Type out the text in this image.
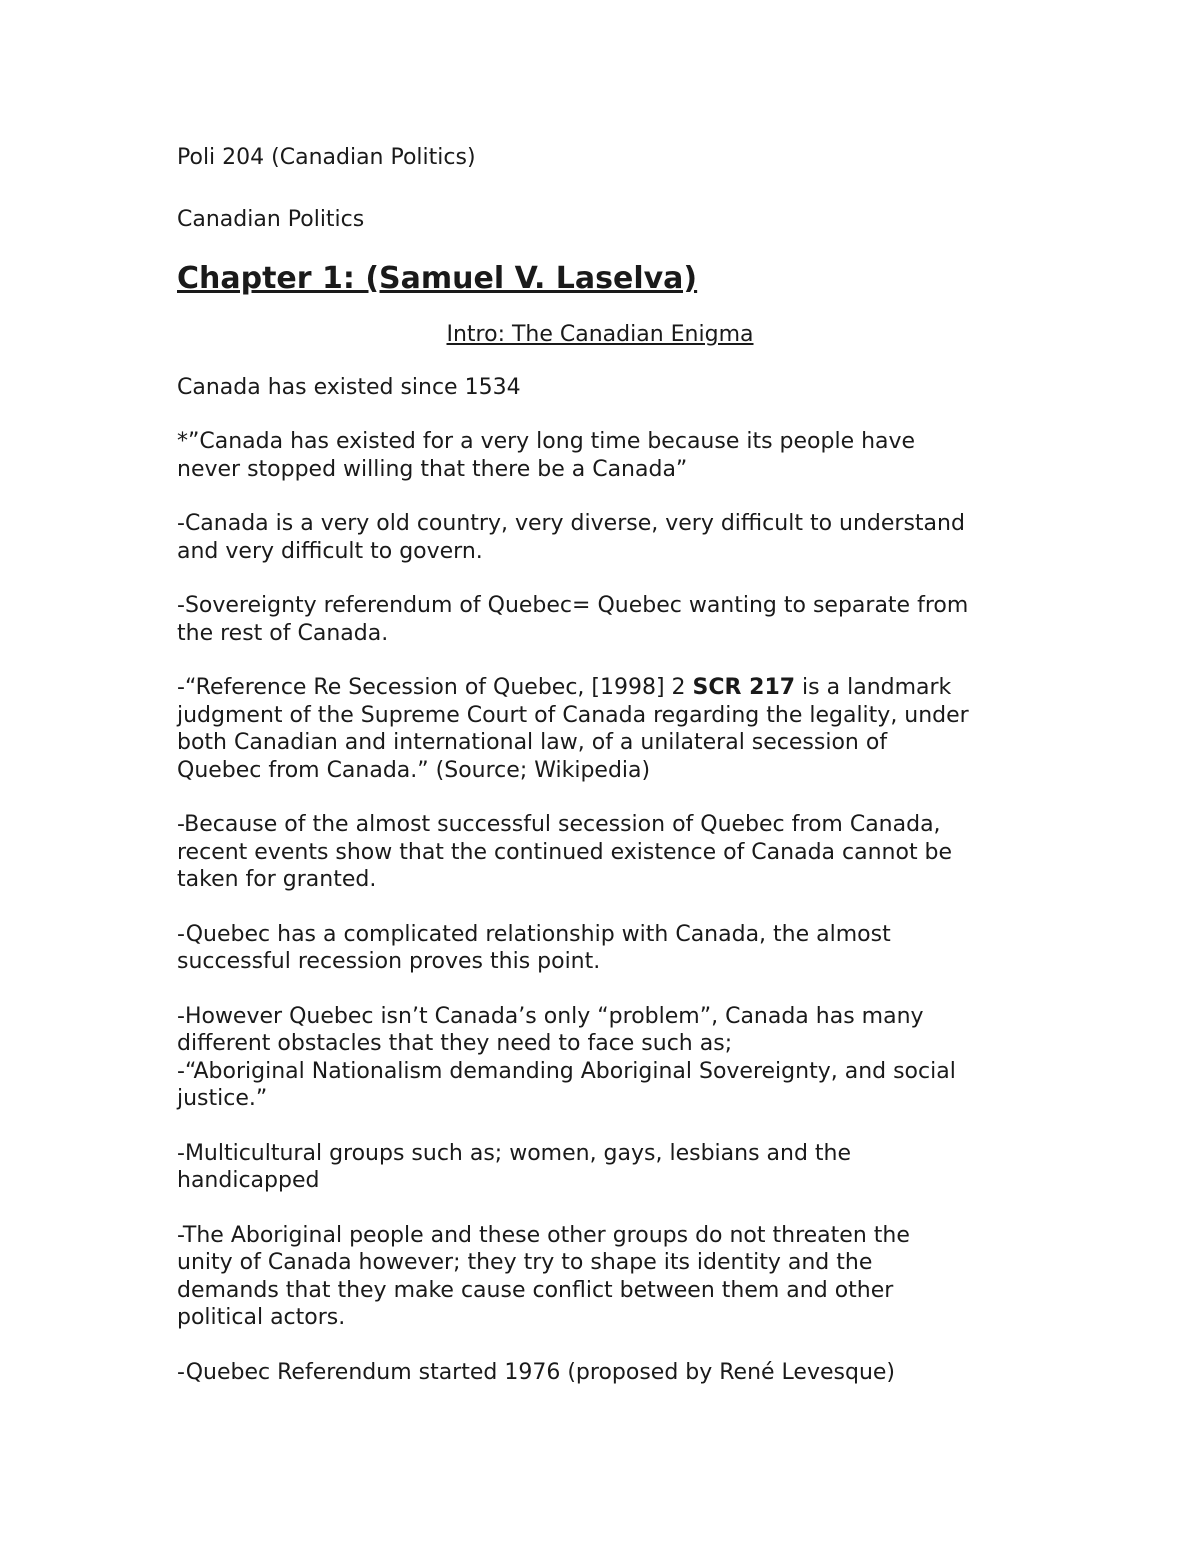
Poli 204 (Canadian Politics)

Canadian Politics

Chapter 1: (Samuel V. Laselva)

Intro: The Canadian Enigma

Canada has existed since 1534

*”Canada has existed for a very long time because its people have
never stopped willing that there be a Canada”

-Canada is a very old country, very diverse, very difficult to understand
and very difficult to govern.

-Sovereignty referendum of Quebec= Quebec wanting to separate from
the rest of Canada.

-“Reference Re Secession of Quebec, [1998] 2 SCR 217 is a landmark
judgment of the Supreme Court of Canada regarding the legality, under
both Canadian and international law, of a unilateral secession of
Quebec from Canada.” (Source; Wikipedia)

-Because of the almost successful secession of Quebec from Canada,
recent events show that the continued existence of Canada cannot be
taken for granted.

-Quebec has a complicated relationship with Canada, the almost
successful recession proves this point.

-However Quebec isn’t Canada’s only “problem”, Canada has many
different obstacles that they need to face such as;

-“Aboriginal Nationalism demanding Aboriginal Sovereignty, and social
justice.”

-Multicultural groups such as; women, gays, lesbians and the
handicapped

-The Aboriginal people and these other groups do not threaten the
unity of Canada however; they try to shape its identity and the
demands that they make cause conflict between them and other
political actors.

-Quebec Referendum started 1976 (proposed by René Levesque)
